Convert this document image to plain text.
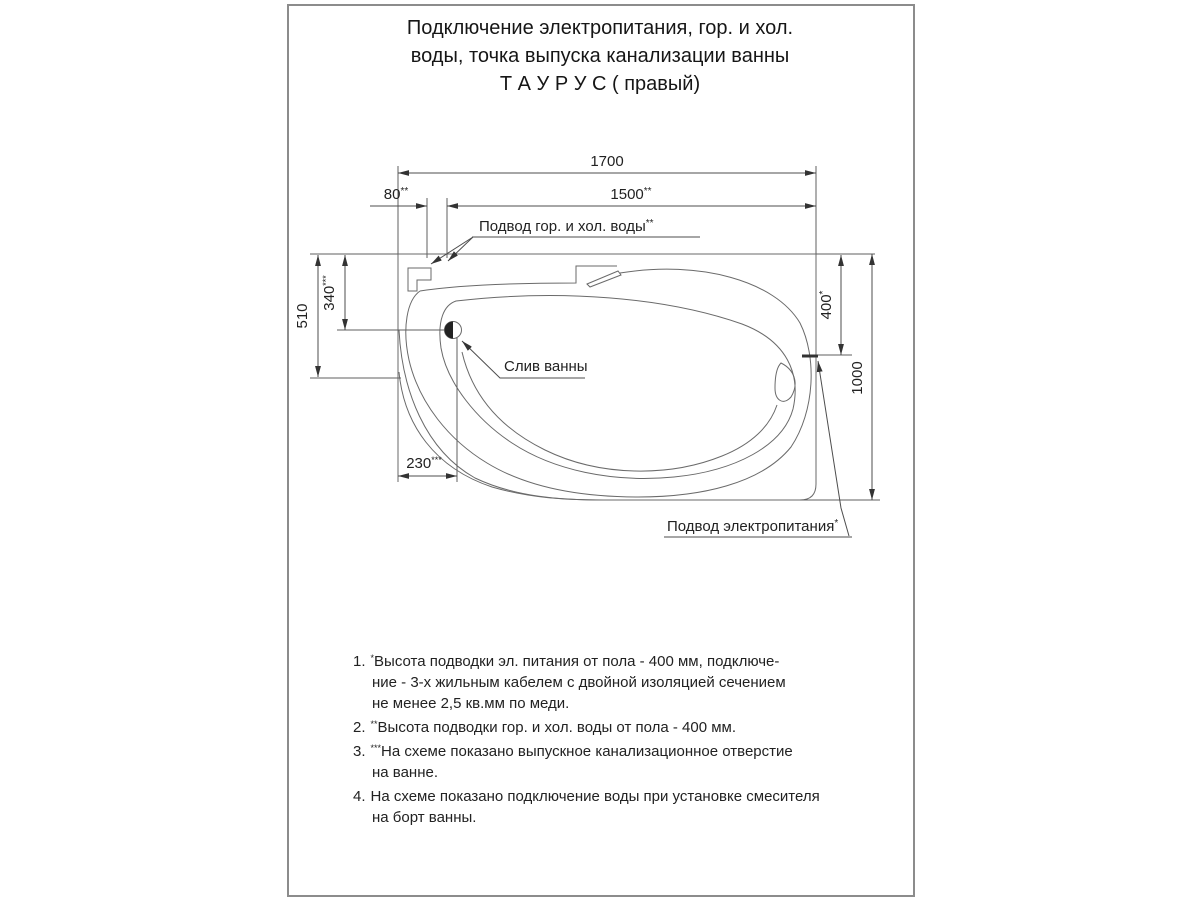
Подключение электропитания, гор. и хол.
воды, точка выпуска канализации ванны
Т А У Р У С ( правый)
1700
1500**
80**
510
340***
400*
1000
230***
Подвод гор. и хол. воды**
Слив ванны
Подвод электропитания*
1. *Высота подводки эл. питания от пола - 400 мм, подключе-
ние - 3-х жильным кабелем с двойной изоляцией сечением
не менее 2,5 кв.мм по меди.
2. **Высота подводки гор. и хол. воды от пола - 400 мм.
3. ***На схеме показано выпускное канализационное отверстие
на ванне.
4. На схеме показано подключение воды при установке смесителя
на борт ванны.
